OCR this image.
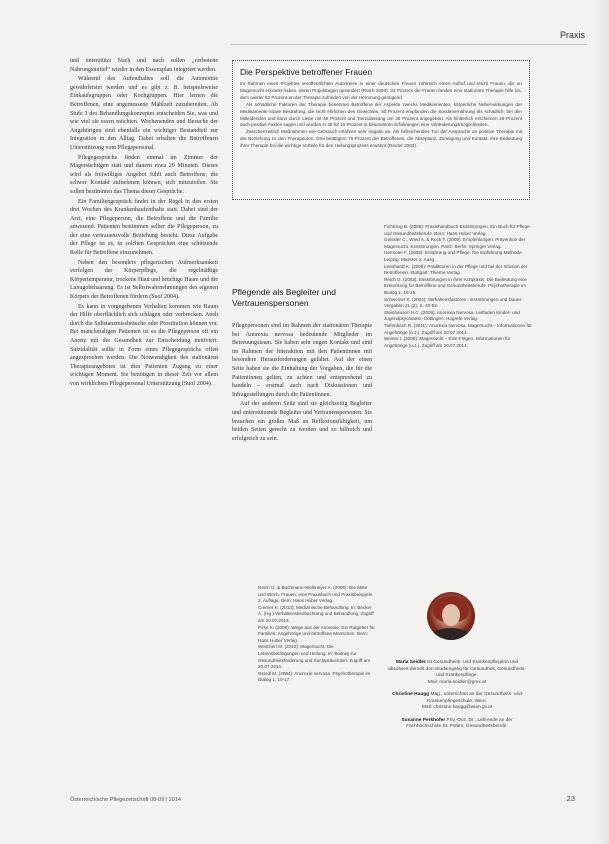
Praxis

und unterstützt Nach und nach sollen „verbotene Nahrungsmittel“ wieder in den Essensplan integriert werden.

Während des Aufenthaltes soll die Autonomie gewährleistet werden und es gibt z. B. beispielsweise Einkaufsgruppen oder Kochgruppen. Hier lernen die Betroffenen, eine angemessene Mahlzeit zuzubereiten. Ab Stufe 3 des Behandlungskonzeptes entscheiden Sie, was und wie viel sie essen möchten. Wochenenden und Besuche der Angehörigen sind ebenfalls ein wichtiger Bestandteil zur Integration in den Alltag. Dabei erhalten die Betroffenen Unterstützung vom Pflegepersonal.

Pflegegespräche finden einmal im Zimmer der Magersüchtigen statt und dauern etwa 20 Minuten. Dieses wird als freiwilliges Angebot fühlt auch Betroffene, die schwer Kontakt aufnehmen können, sich mitzuteilen. Sie sollen bestimmen das Thema dieser Gespräche.

Ein Familiengespräch findet in der Regel in den ersten drei Wochen des Krankenhaufenthalts statt. Dabei sind der Arzt, eine Pflegeperson, die Betroffene und die Familie anwesend. Patienten bestimmen selber die Pflegeperson, zu der eine vertrauensvolle Beziehung besteht. Diese Aufgabe der Pflege ist es, in solchen Gesprächen eine schützende Rolle für Betroffene einzunehmen.

Neben den besonders pflegerischen Aufmerksamkeit verfolgen der Körperpflege, die regelmäßige Körpertemperatur, trockene Haut und brüchige Haare und die Lanugobehaarung. Es ist Selbstwahrnehmungen des eigenen Körpers der Betroffenen fördern (Suof 2004).

Es kann in vorgegebenen Verhalten kommen wie Raum der Hilfe oberflächlich sich schlagen oder verbrecken. Auch durch die Substanzmissbräuche oder Prostitution können vor. Bei manchmaligen Patienten ist es die Pflegeperson oft ein Anreiz mit der Gesundheit zur Entscheidung motiviert. Suizidalität sollte in Form eines Pflegegesprächs offen angesprochen werden. Die Notwendigkeit des stationären Therapieangebotes ist dies Patienten Zugang zu einer wichtigen Moment. Sie benötigen in dieser Zeit vor allem von wirklichem Pflegepersonal Unterstützung (Suof 2004).

Die Perspektive betroffener Frauen

Im Rahmen eines Projektes veröffentlichten Autorinnen in einer deutschen Frauen zahlreich einen Aufruf und leicht Frauen, die an Magersucht erkrankt haben, deren Projekttagen gesondert (Reich 2003). 34 Prozent der Frauen fanden eine stationäre Therapie hilfe los, dem wieder 52 Prozent an der Therapie zufrieden von der Hemmung genügend.

Als schädliche Faktoren der Therapie benennen Betroffene der Aspekte zwecks Medikamenten, körperliche Nebenwirkungen der Medikamente sowie Bestrafung, die nicht ehrlichen des Gewichtes. 50 Prozent empfanden die Sondenernährung als schädlich, bei den Mitleidenden und kann durch Liebe mit 45 Prozent und Tierzulassung um 38 Prozent angegeben. Als hinderlich erschienen 28 Prozent auch positive Fakten sagen und wurden in 38 für 15 Prozent in besonderen Erfahrungen eine Veränderungsmöglichkeiten.

Zwischenzeitlich Maßnahmen wie Gebrauch erfahren sehr negativ an. Als hilfreichendes Tun der Ansprache an positive Therapie mit der Beziehung zu den Therapeuten. Drei betätigten 76 Prozent der Betroffenen, die Akzeptanz, Zuneigung und Kontakt. Ihre Bedeutung ihrer Therapie bei die wichtige Vorteile für den Heilungsprozess erwähnt (Reuter 2003).

Pflegende als Begleiter und Vertrauenspersonen

Pflegepersonen sind im Rahmen der stationären Therapie bei Anorexia nervosa bedeutende Mitglieder im Betreuungsteam. Sie haben sehr engen Kontakt und sind im Rahmen der Interaktion mit den Patientinnen mit besondere Herausforderungen gefaltet. Auf der einen Seite haben sie die Einhaltung der Vorgaben, die für die Patientinnen gelten, zu achten und entsprechend zu handeln – erstmal auch nach Diskussionen und Infragestellungen durch die Patientinnen.

Auf der anderen Seite sind sie gleichzeitig Begleiter und unterstützende Begleiter und Vertrauenspersonen. Sie brauchen ein großes Maß an Reflexionsfähigkeit, um beiden Seiten gerecht zu werden und so hilfreich und erfolgreich zu sein.

Fichtning B. (2008): Praxishandbuch Essstörungen. Ein Buch für Pflege- und Gesundheitsberufe. Bern: Hans Huber Verlag.

Geissler C., Wied A. & Rock T. (2009): Empfehlungen. Prävention der Magersucht. Essstörungen. Partz. Berlin: Springer Verlag.

Hermeier F. (2008): Ernährung und Pflege. Die Einführung Methode. Leipzig: Mainzer 2. Ausg.

Leonhardt K. (2009): Prädiktoren in der Pflege und bei der Infusion der Betroffenen. Stuttgart: Thieme Verlag.

Reich G. (2003): Essstörungen in Ihrer Arztpraxis. Die Bedeutung eine Erkrankung für Betroffene und Gesundheitsberufe. Psychotherapie im Dialog 1, 16-25.

Schweizer K. (2004): Verhaltensfaktoren - Essstörungen und Dauer. Vorgaben 21 (2), S. 40-52.

Steinhausen H.C. (2006): Anorexia Nervosa. Leitfaden Kinder- und Jugendpsychiatrie. Göttingen: Hogrefe Verlag.

Tiefenbach R. (2011): Anorexia Nervosa. Magersucht – Informationen für Angehörige (o.J.). Zugriff am 20.07.2014.

Weiner I. (2008): Magersucht – Eine Folgen, Informationen für Angehörige (o.J.). Zugriff am 20.07.2014.

Reich G. & Buchmann-Wollmeyer A. (2005): Die Mitte und Wöch. Frauen: eine Praxisbuch und Praxisbeispiele. 2. Auflage. Bern: Hans Huber Verlag.

Cremer K. (2013): Medizinische Behandlung. In: Becker A. (Hg.) Verhaltensbeobachtung und Behandlung. Zugriff am 20.07.2014.

Pirke K. (2008): Wege aus der Anorexie. Ein Ratgeber für Familien, Angehörige und betroffene Menschen. Bern: Hans Huber Verlag.

Weinzierl M. (2010): Magersucht. Die Lebensbedingungen und Heilung. In: Beitrag zur Gesundheitsförderung und Suchtprävention. Zugriff am 20.07.2014.

Reindl M. (2004): Anorexie nervosa. Psychotherapie im Dialog 1, 10-17.

Maria Seidler ist Gesundheits- und Krankenpflegerin und absolviert derzeit den Studiengang für Gesundheit, Gesundheits- und Krankenpflege.
Mail: maria.seidler@gmx.at

Christine Haugg Mag., unterrichtet an der Gesundheits- und Krankenpflegeschule, Wien.
Mail: christine.haugg@wien.gv.at

Susanne Perkhofer Priv.-Doz. Dr., Lehrende an der Fachhochschule St. Pölten, Gesundheitsberufe.

Österreichische Pflegezeitschrift 08-09 / 2014	23
